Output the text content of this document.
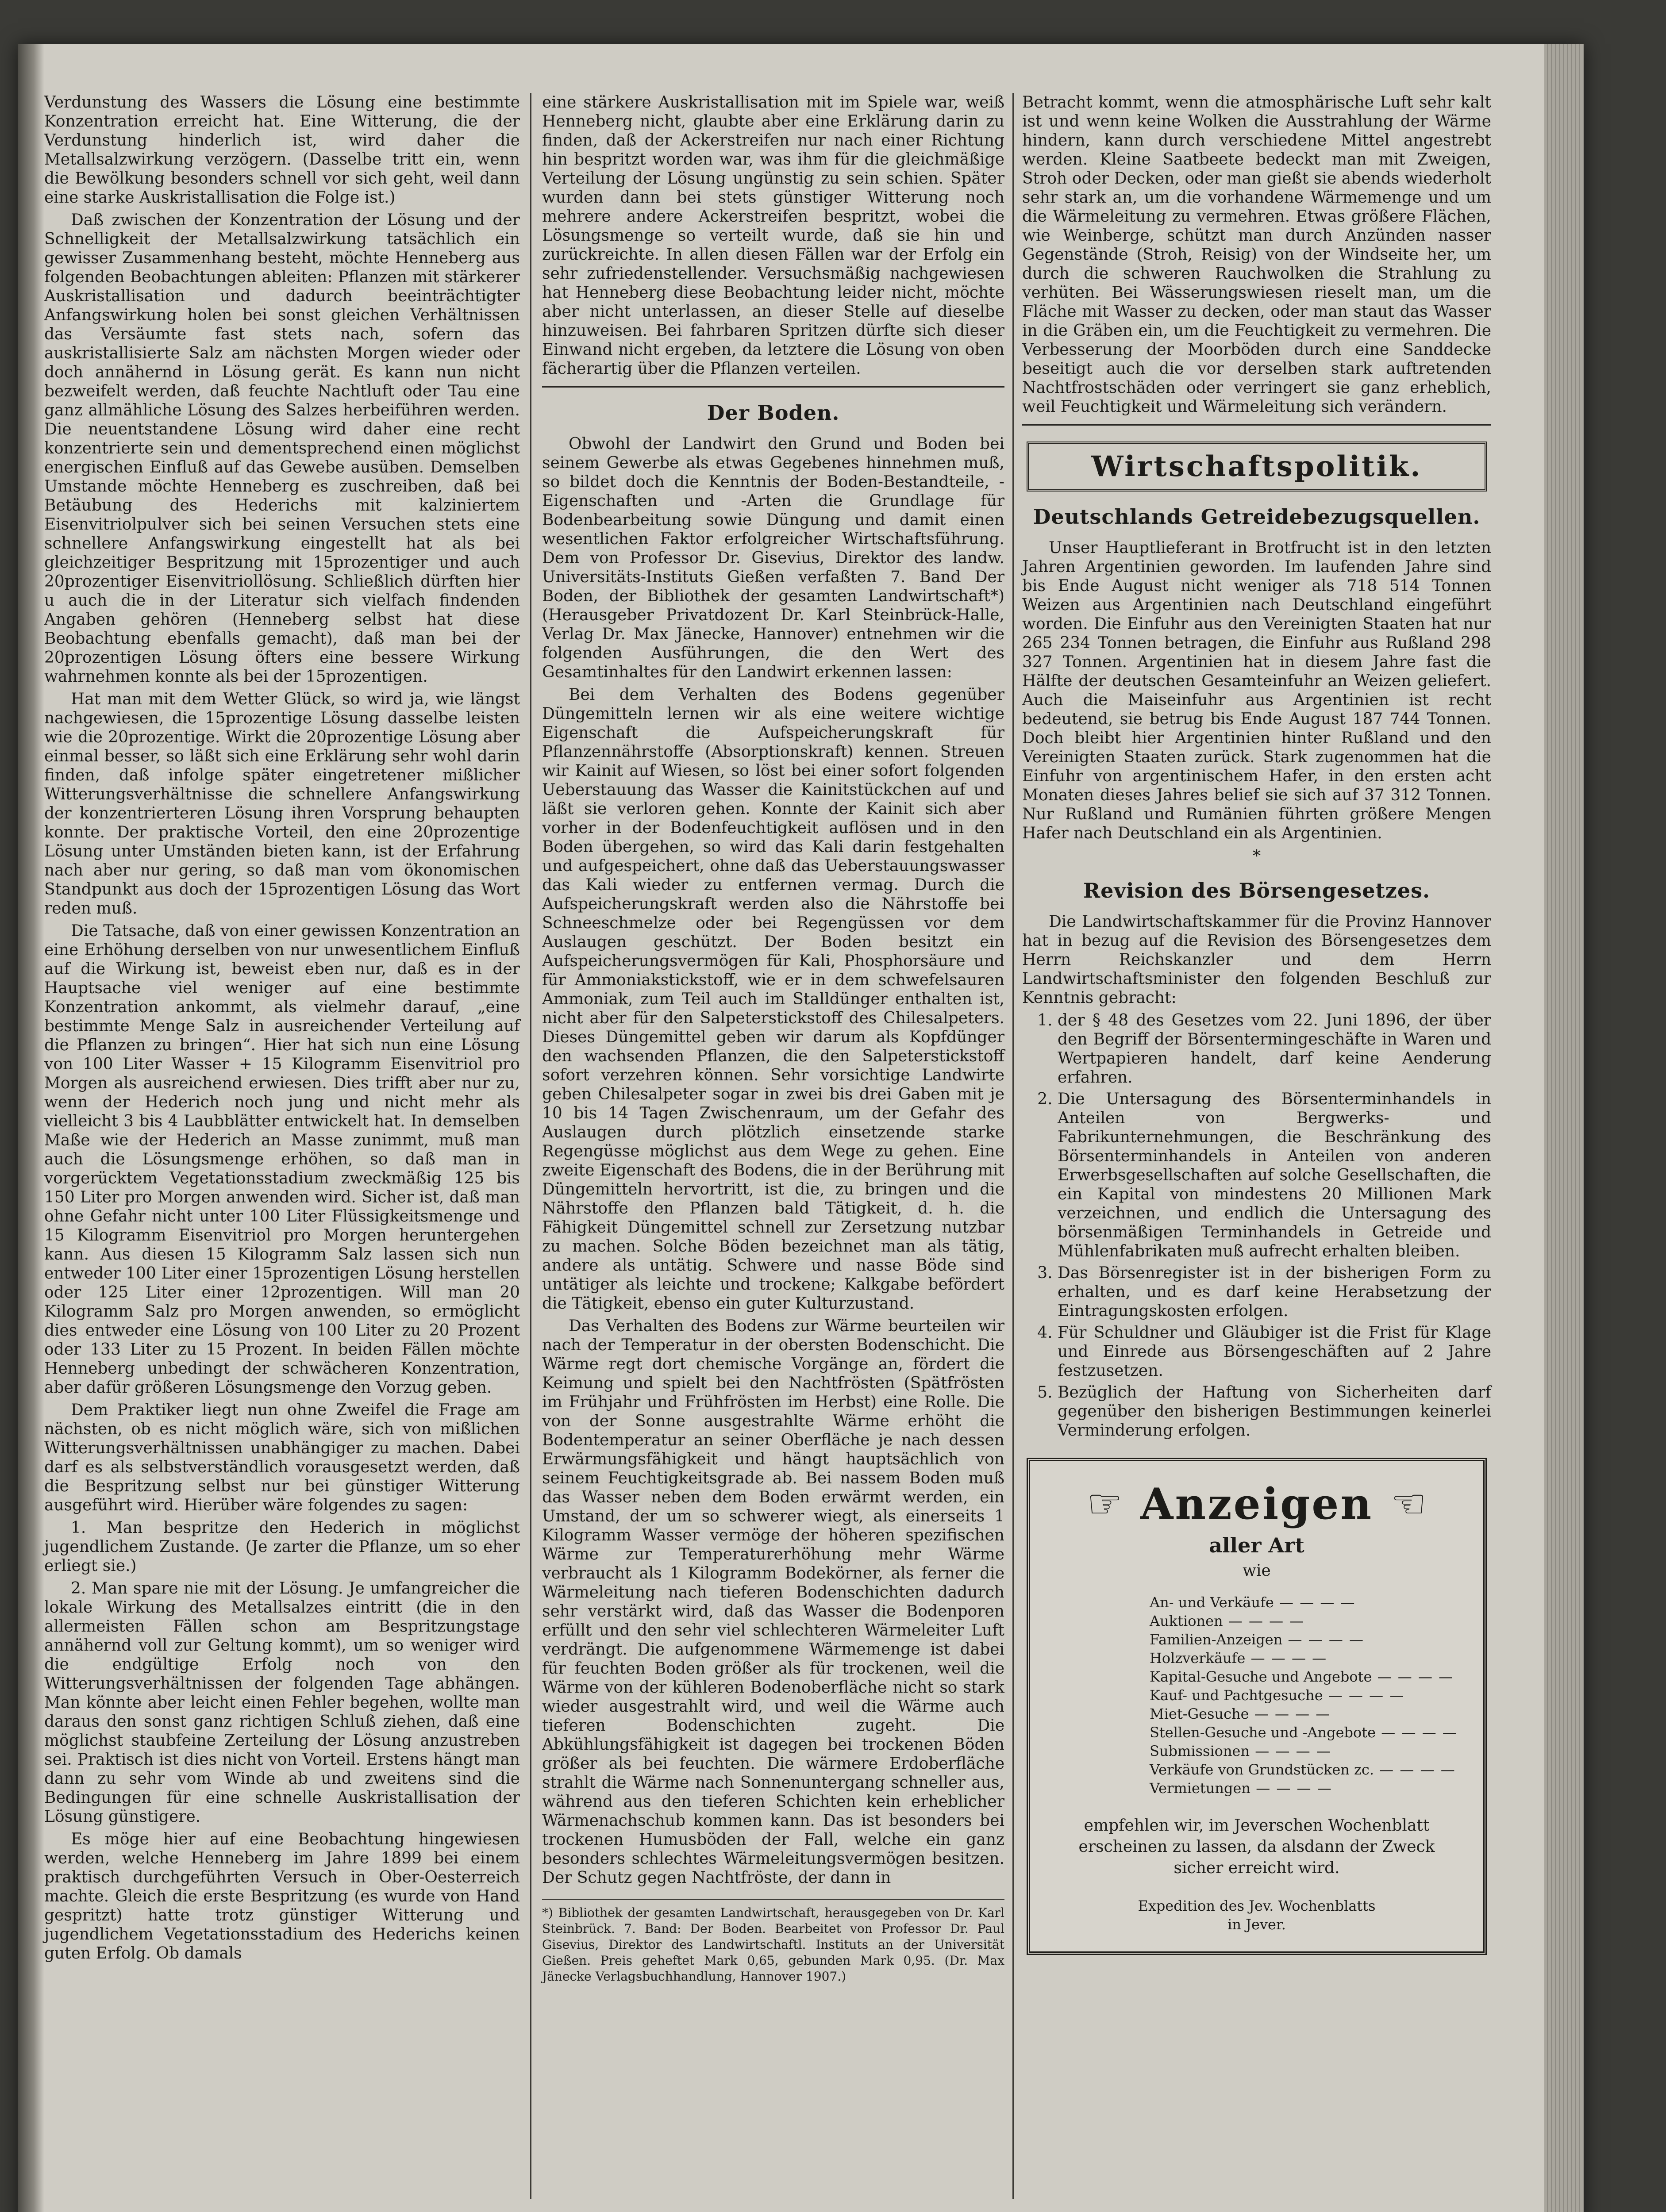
Verdunstung des Wassers die Lösung eine bestimmte Konzentration erreicht hat. Eine Witterung, die der Verdunstung hinderlich ist, wird daher die Metallsalzwirkung verzögern. (Dasselbe tritt ein, wenn die Bewölkung besonders schnell vor sich geht, weil dann eine starke Auskristallisation die Folge ist.)

Daß zwischen der Konzentration der Lösung und der Schnelligkeit der Metallsalzwirkung tatsächlich ein gewisser Zusammenhang besteht, möchte Henneberg aus folgenden Beobachtungen ableiten: Pflanzen mit stärkerer Auskristallisation und dadurch beeinträchtigter Anfangswirkung holen bei sonst gleichen Verhältnissen das Versäumte fast stets nach, sofern das auskristallisierte Salz am nächsten Morgen wieder oder doch annähernd in Lösung gerät. Es kann nun nicht bezweifelt werden, daß feuchte Nachtluft oder Tau eine ganz allmähliche Lösung des Salzes herbeiführen werden. Die neuentstandene Lösung wird daher eine recht konzentrierte sein und dementsprechend einen möglichst energischen Einfluß auf das Gewebe ausüben. Demselben Umstande möchte Henneberg es zuschreiben, daß bei Betäubung des Hederichs mit kalziniertem Eisenvitriolpulver sich bei seinen Versuchen stets eine schnellere Anfangswirkung eingestellt hat als bei gleichzeitiger Bespritzung mit 15prozentiger und auch 20prozentiger Eisenvitriollösung. Schließlich dürften hier u auch die in der Literatur sich vielfach findenden Angaben gehören (Henneberg selbst hat diese Beobachtung ebenfalls gemacht), daß man bei der 20prozentigen Lösung öfters eine bessere Wirkung wahrnehmen konnte als bei der 15prozentigen.

Hat man mit dem Wetter Glück, so wird ja, wie längst nachgewiesen, die 15prozentige Lösung dasselbe leisten wie die 20prozentige. Wirkt die 20prozentige Lösung aber einmal besser, so läßt sich eine Erklärung sehr wohl darin finden, daß infolge später eingetretener mißlicher Witterungsverhältnisse die schnellere Anfangswirkung der konzentrierteren Lösung ihren Vorsprung behaupten konnte. Der praktische Vorteil, den eine 20prozentige Lösung unter Umständen bieten kann, ist der Erfahrung nach aber nur gering, so daß man vom ökonomischen Standpunkt aus doch der 15prozentigen Lösung das Wort reden muß.

Die Tatsache, daß von einer gewissen Konzentration an eine Erhöhung derselben von nur unwesentlichem Einfluß auf die Wirkung ist, beweist eben nur, daß es in der Hauptsache viel weniger auf eine bestimmte Konzentration ankommt, als vielmehr darauf, „eine bestimmte Menge Salz in ausreichender Verteilung auf die Pflanzen zu bringen“. Hier hat sich nun eine Lösung von 100 Liter Wasser + 15 Kilogramm Eisenvitriol pro Morgen als ausreichend erwiesen. Dies trifft aber nur zu, wenn der Hederich noch jung und nicht mehr als vielleicht 3 bis 4 Laubblätter entwickelt hat. In demselben Maße wie der Hederich an Masse zunimmt, muß man auch die Lösungsmenge erhöhen, so daß man in vorgerücktem Vegetationsstadium zweckmäßig 125 bis 150 Liter pro Morgen anwenden wird. Sicher ist, daß man ohne Gefahr nicht unter 100 Liter Flüssigkeitsmenge und 15 Kilogramm Eisenvitriol pro Morgen heruntergehen kann. Aus diesen 15 Kilogramm Salz lassen sich nun entweder 100 Liter einer 15prozentigen Lösung herstellen oder 125 Liter einer 12prozentigen. Will man 20 Kilogramm Salz pro Morgen anwenden, so ermöglicht dies entweder eine Lösung von 100 Liter zu 20 Prozent oder 133 Liter zu 15 Prozent. In beiden Fällen möchte Henneberg unbedingt der schwächeren Konzentration, aber dafür größeren Lösungsmenge den Vorzug geben.

Dem Praktiker liegt nun ohne Zweifel die Frage am nächsten, ob es nicht möglich wäre, sich von mißlichen Witterungsverhältnissen unabhängiger zu machen. Dabei darf es als selbstverständlich vorausgesetzt werden, daß die Bespritzung selbst nur bei günstiger Witterung ausgeführt wird. Hierüber wäre folgendes zu sagen:

1. Man bespritze den Hederich in möglichst jugendlichem Zustande. (Je zarter die Pflanze, um so eher erliegt sie.)

2. Man spare nie mit der Lösung. Je umfangreicher die lokale Wirkung des Metallsalzes eintritt (die in den allermeisten Fällen schon am Bespritzungstage annähernd voll zur Geltung kommt), um so weniger wird die endgültige Erfolg noch von den Witterungsverhältnissen der folgenden Tage abhängen. Man könnte aber leicht einen Fehler begehen, wollte man daraus den sonst ganz richtigen Schluß ziehen, daß eine möglichst staubfeine Zerteilung der Lösung anzustreben sei. Praktisch ist dies nicht von Vorteil. Erstens hängt man dann zu sehr vom Winde ab und zweitens sind die Bedingungen für eine schnelle Auskristallisation der Lösung günstigere.

Es möge hier auf eine Beobachtung hingewiesen werden, welche Henneberg im Jahre 1899 bei einem praktisch durchgeführten Versuch in Ober-Oesterreich machte. Gleich die erste Bespritzung (es wurde von Hand gespritzt) hatte trotz günstiger Witterung und jugendlichem Vegetationsstadium des Hederichs keinen guten Erfolg. Ob damals

eine stärkere Auskristallisation mit im Spiele war, weiß Henneberg nicht, glaubte aber eine Erklärung darin zu finden, daß der Ackerstreifen nur nach einer Richtung hin bespritzt worden war, was ihm für die gleichmäßige Verteilung der Lösung ungünstig zu sein schien. Später wurden dann bei stets günstiger Witterung noch mehrere andere Ackerstreifen bespritzt, wobei die Lösungsmenge so verteilt wurde, daß sie hin und zurückreichte. In allen diesen Fällen war der Erfolg ein sehr zufriedenstellender. Versuchsmäßig nachgewiesen hat Henneberg diese Beobachtung leider nicht, möchte aber nicht unterlassen, an dieser Stelle auf dieselbe hinzuweisen. Bei fahrbaren Spritzen dürfte sich dieser Einwand nicht ergeben, da letztere die Lösung von oben fächerartig über die Pflanzen verteilen.

Der Boden.

Obwohl der Landwirt den Grund und Boden bei seinem Gewerbe als etwas Gegebenes hinnehmen muß, so bildet doch die Kenntnis der Boden-Bestandteile, -Eigenschaften und -Arten die Grundlage für Bodenbearbeitung sowie Düngung und damit einen wesentlichen Faktor erfolgreicher Wirtschaftsführung. Dem von Professor Dr. Gisevius, Direktor des landw. Universitäts-Instituts Gießen verfaßten 7. Band Der Boden, der Bibliothek der gesamten Landwirtschaft*) (Herausgeber Privatdozent Dr. Karl Steinbrück-Halle, Verlag Dr. Max Jänecke, Hannover) entnehmen wir die folgenden Ausführungen, die den Wert des Gesamtinhaltes für den Landwirt erkennen lassen:

Bei dem Verhalten des Bodens gegenüber Düngemitteln lernen wir als eine weitere wichtige Eigenschaft die Aufspeicherungskraft für Pflanzennährstoffe (Absorptionskraft) kennen. Streuen wir Kainit auf Wiesen, so löst bei einer sofort folgenden Ueberstauung das Wasser die Kainitstückchen auf und läßt sie verloren gehen. Konnte der Kainit sich aber vorher in der Bodenfeuchtigkeit auflösen und in den Boden übergehen, so wird das Kali darin festgehalten und aufgespeichert, ohne daß das Ueberstauungswasser das Kali wieder zu entfernen vermag. Durch die Aufspeicherungskraft werden also die Nährstoffe bei Schneeschmelze oder bei Regengüssen vor dem Auslaugen geschützt. Der Boden besitzt ein Aufspeicherungsvermögen für Kali, Phosphorsäure und für Ammoniakstickstoff, wie er in dem schwefelsauren Ammoniak, zum Teil auch im Stalldünger enthalten ist, nicht aber für den Salpeterstickstoff des Chilesalpeters. Dieses Düngemittel geben wir darum als Kopfdünger den wachsenden Pflanzen, die den Salpeterstickstoff sofort verzehren können. Sehr vorsichtige Landwirte geben Chilesalpeter sogar in zwei bis drei Gaben mit je 10 bis 14 Tagen Zwischenraum, um der Gefahr des Auslaugen durch plötzlich einsetzende starke Regengüsse möglichst aus dem Wege zu gehen. Eine zweite Eigenschaft des Bodens, die in der Berührung mit Düngemitteln hervortritt, ist die, zu bringen und die Nährstoffe den Pflanzen bald Tätigkeit, d. h. die Fähigkeit Düngemittel schnell zur Zersetzung nutzbar zu machen. Solche Böden bezeichnet man als tätig, andere als untätig. Schwere und nasse Böde sind untätiger als leichte und trockene; Kalkgabe befördert die Tätigkeit, ebenso ein guter Kulturzustand.

Das Verhalten des Bodens zur Wärme beurteilen wir nach der Temperatur in der obersten Bodenschicht. Die Wärme regt dort chemische Vorgänge an, fördert die Keimung und spielt bei den Nachtfrösten (Spätfrösten im Frühjahr und Frühfrösten im Herbst) eine Rolle. Die von der Sonne ausgestrahlte Wärme erhöht die Bodentemperatur an seiner Oberfläche je nach dessen Erwärmungsfähigkeit und hängt hauptsächlich von seinem Feuchtigkeitsgrade ab. Bei nassem Boden muß das Wasser neben dem Boden erwärmt werden, ein Umstand, der um so schwerer wiegt, als einerseits 1 Kilogramm Wasser vermöge der höheren spezifischen Wärme zur Temperaturerhöhung mehr Wärme verbraucht als 1 Kilogramm Bodekörner, als ferner die Wärmeleitung nach tieferen Bodenschichten dadurch sehr verstärkt wird, daß das Wasser die Bodenporen erfüllt und den sehr viel schlechteren Wärmeleiter Luft verdrängt. Die aufgenommene Wärmemenge ist dabei für feuchten Boden größer als für trockenen, weil die Wärme von der kühleren Bodenoberfläche nicht so stark wieder ausgestrahlt wird, und weil die Wärme auch tieferen Bodenschichten zugeht. Die Abkühlungsfähigkeit ist dagegen bei trockenen Böden größer als bei feuchten. Die wärmere Erdoberfläche strahlt die Wärme nach Sonnenuntergang schneller aus, während aus den tieferen Schichten kein erheblicher Wärmenachschub kommen kann. Das ist besonders bei trockenen Humusböden der Fall, welche ein ganz besonders schlechtes Wärmeleitungsvermögen besitzen. Der Schutz gegen Nachtfröste, der dann in

*) Bibliothek der gesamten Landwirtschaft, herausgegeben von Dr. Karl Steinbrück. 7. Band: Der Boden. Bearbeitet von Professor Dr. Paul Gisevius, Direktor des Landwirtschaftl. Instituts an der Universität Gießen. Preis geheftet Mark 0,65, gebunden Mark 0,95. (Dr. Max Jänecke Verlagsbuchhandlung, Hannover 1907.)

Betracht kommt, wenn die atmosphärische Luft sehr kalt ist und wenn keine Wolken die Ausstrahlung der Wärme hindern, kann durch verschiedene Mittel angestrebt werden. Kleine Saatbeete bedeckt man mit Zweigen, Stroh oder Decken, oder man gießt sie abends wiederholt sehr stark an, um die vorhandene Wärmemenge und um die Wärmeleitung zu vermehren. Etwas größere Flächen, wie Weinberge, schützt man durch Anzünden nasser Gegenstände (Stroh, Reisig) von der Windseite her, um durch die schweren Rauchwolken die Strahlung zu verhüten. Bei Wässerungswiesen rieselt man, um die Fläche mit Wasser zu decken, oder man staut das Wasser in die Gräben ein, um die Feuchtigkeit zu vermehren. Die Verbesserung der Moorböden durch eine Sanddecke beseitigt auch die vor derselben stark auftretenden Nachtfrostschäden oder verringert sie ganz erheblich, weil Feuchtigkeit und Wärmeleitung sich verändern.

Wirtschaftspolitik.
Deutschlands Getreidebezugsquellen.

Unser Hauptlieferant in Brotfrucht ist in den letzten Jahren Argentinien geworden. Im laufenden Jahre sind bis Ende August nicht weniger als 718 514 Tonnen Weizen aus Argentinien nach Deutschland eingeführt worden. Die Einfuhr aus den Vereinigten Staaten hat nur 265 234 Tonnen betragen, die Einfuhr aus Rußland 298 327 Tonnen. Argentinien hat in diesem Jahre fast die Hälfte der deutschen Gesamteinfuhr an Weizen geliefert. Auch die Maiseinfuhr aus Argentinien ist recht bedeutend, sie betrug bis Ende August 187 744 Tonnen. Doch bleibt hier Argentinien hinter Rußland und den Vereinigten Staaten zurück. Stark zugenommen hat die Einfuhr von argentinischem Hafer, in den ersten acht Monaten dieses Jahres belief sie sich auf 37 312 Tonnen. Nur Rußland und Rumänien führten größere Mengen Hafer nach Deutschland ein als Argentinien.

*
Revision des Börsengesetzes.

Die Landwirtschaftskammer für die Provinz Hannover hat in bezug auf die Revision des Börsengesetzes dem Herrn Reichskanzler und dem Herrn Landwirtschaftsminister den folgenden Beschluß zur Kenntnis gebracht:

1. der § 48 des Gesetzes vom 22. Juni 1896, der über den Begriff der Börsentermingeschäfte in Waren und Wertpapieren handelt, darf keine Aenderung erfahren.
2. Die Untersagung des Börsenterminhandels in Anteilen von Bergwerks- und Fabrikunternehmungen, die Beschränkung des Börsenterminhandels in Anteilen von anderen Erwerbsgesellschaften auf solche Gesellschaften, die ein Kapital von mindestens 20 Millionen Mark verzeichnen, und endlich die Untersagung des börsenmäßigen Terminhandels in Getreide und Mühlenfabrikaten muß aufrecht erhalten bleiben.
3. Das Börsenregister ist in der bisherigen Form zu erhalten, und es darf keine Herabsetzung der Eintragungskosten erfolgen.
4. Für Schuldner und Gläubiger ist die Frist für Klage und Einrede aus Börsengeschäften auf 2 Jahre festzusetzen.
5. Bezüglich der Haftung von Sicherheiten darf gegenüber den bisherigen Bestimmungen keinerlei Verminderung erfolgen.
☞ Anzeigen ☜
aller Art
wie
An- und Verkäufe — — — —
Auktionen — — — —
Familien-Anzeigen — — — —
Holzverkäufe — — — —
Kapital-Gesuche und Angebote — — — —
Kauf- und Pachtgesuche — — — —
Miet-Gesuche — — — —
Stellen-Gesuche und -Angebote — — — —
Submissionen — — — —
Verkäufe von Grundstücken zc. — — — —
Vermietungen — — — —
empfehlen wir, im Jeverschen Wochenblatt
erscheinen zu lassen, da alsdann der Zweck
sicher erreicht wird.
Expedition des Jev. Wochenblatts
in Jever.
